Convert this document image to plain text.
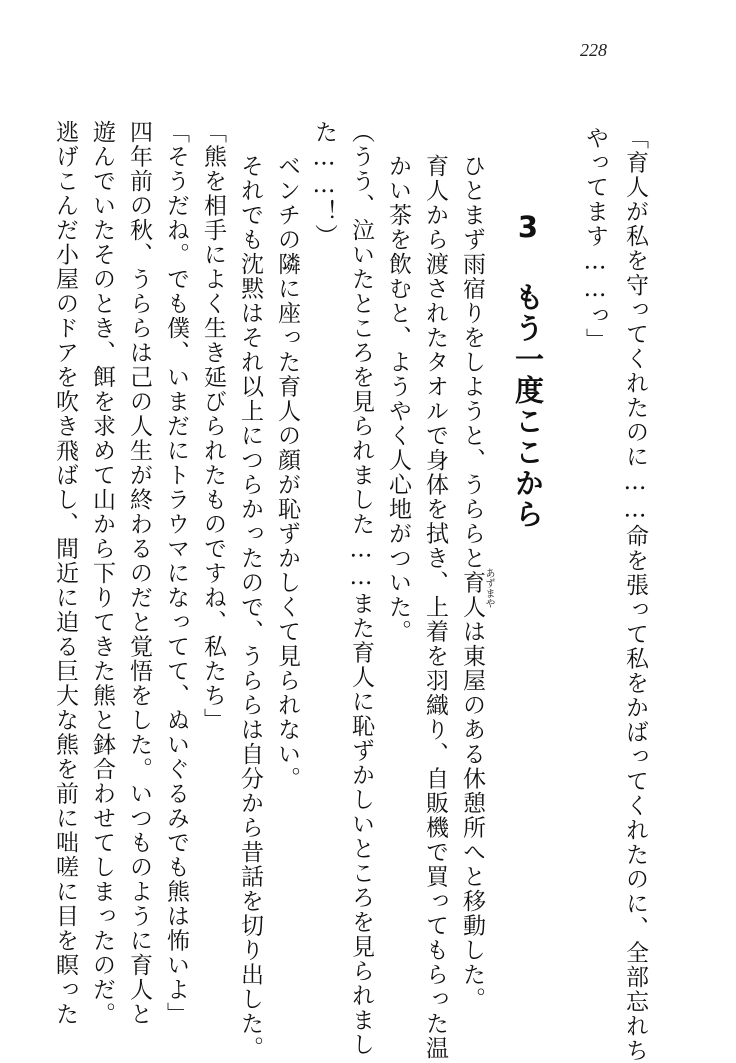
228
「育人が私を守ってくれたのに……命を張って私をかばってくれたのに、全部忘れち
やってます……っ」
3 もう一度ここから
ひとまず雨宿りをしようと、うららと育人は東屋のある休憩所へと移動した。
あずまや
育人から渡されたタオルで身体を拭き、上着を羽織り、自販機で買ってもらった温
かい茶を飲むと、ようやく人心地がついた。
（うう、泣いたところを見られました……また育人に恥ずかしいところを見られまし
た……！）
ベンチの隣に座った育人の顔が恥ずかしくて見られない。
それでも沈黙はそれ以上につらかったので、うららは自分から昔話を切り出した。
「熊を相手によく生き延びられたものですね、私たち」
「そうだね。でも僕、いまだにトラウマになってて、ぬいぐるみでも熊は怖いよ」
四年前の秋、うららは己の人生が終わるのだと覚悟をした。いつものように育人と
遊んでいたそのとき、餌を求めて山から下りてきた熊と鉢合わせてしまったのだ。
逃げこんだ小屋のドアを吹き飛ばし、間近に迫る巨大な熊を前に咄嗟に目を瞑った
